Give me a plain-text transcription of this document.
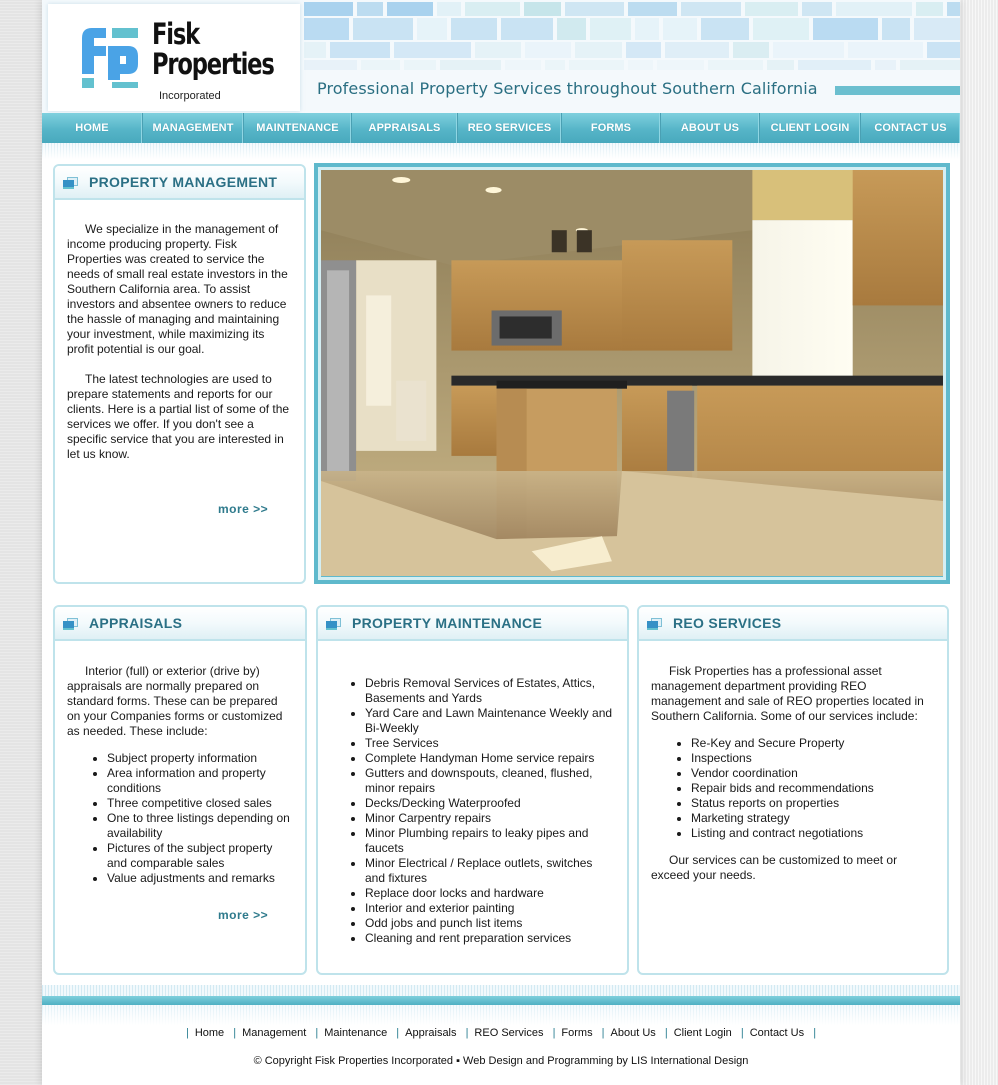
Fisk
Properties
Incorporated	Professional Property Services throughout Southern California
HOME	MANAGEMENT	MAINTENANCE	APPRAISALS	REO SERVICES	FORMS	ABOUT US	CLIENT LOGIN	CONTACT US
PROPERTY MANAGEMENT

We specialize in the management of income producing property. Fisk Properties was created to service the needs of small real estate investors in the Southern California area. To assist investors and absentee owners to reduce the hassle of managing and maintaining your investment, while maximizing its profit potential is our goal.

The latest technologies are used to prepare statements and reports for our clients. Here is a partial list of some of the services we offer. If you don't see a specific service that you are interested in let us know.

more >>
APPRAISALS

Interior (full) or exterior (drive by) appraisals are normally prepared on standard forms. These can be prepared on your Companies forms or customized as needed. These include:

• Subject property information
• Area information and property conditions
• Three competitive closed sales
• One to three listings depending on availability
• Pictures of the subject property and comparable sales
• Value adjustments and remarks
more >>
PROPERTY MAINTENANCE
• Debris Removal Services of Estates, Attics, Basements and Yards
• Yard Care and Lawn Maintenance Weekly and Bi-Weekly
• Tree Services
• Complete Handyman Home service repairs
• Gutters and downspouts, cleaned, flushed, minor repairs
• Decks/Decking Waterproofed
• Minor Carpentry repairs
• Minor Plumbing repairs to leaky pipes and faucets
• Minor Electrical / Replace outlets, switches and fixtures
• Replace door locks and hardware
• Interior and exterior painting
• Odd jobs and punch list items
• Cleaning and rent preparation services
REO SERVICES

Fisk Properties has a professional asset management department providing REO management and sale of REO properties located in Southern California. Some of our services include:

• Re-Key and Secure Property
• Inspections
• Vendor coordination
• Repair bids and recommendations
• Status reports on properties
• Marketing strategy
• Listing and contract negotiations

Our services can be customized to meet or exceed your needs.

| Home | Management | Maintenance | Appraisals | REO Services | Forms | About Us | Client Login | Contact Us |
© Copyright Fisk Properties Incorporated ▪ Web Design and Programming by LIS International Design
